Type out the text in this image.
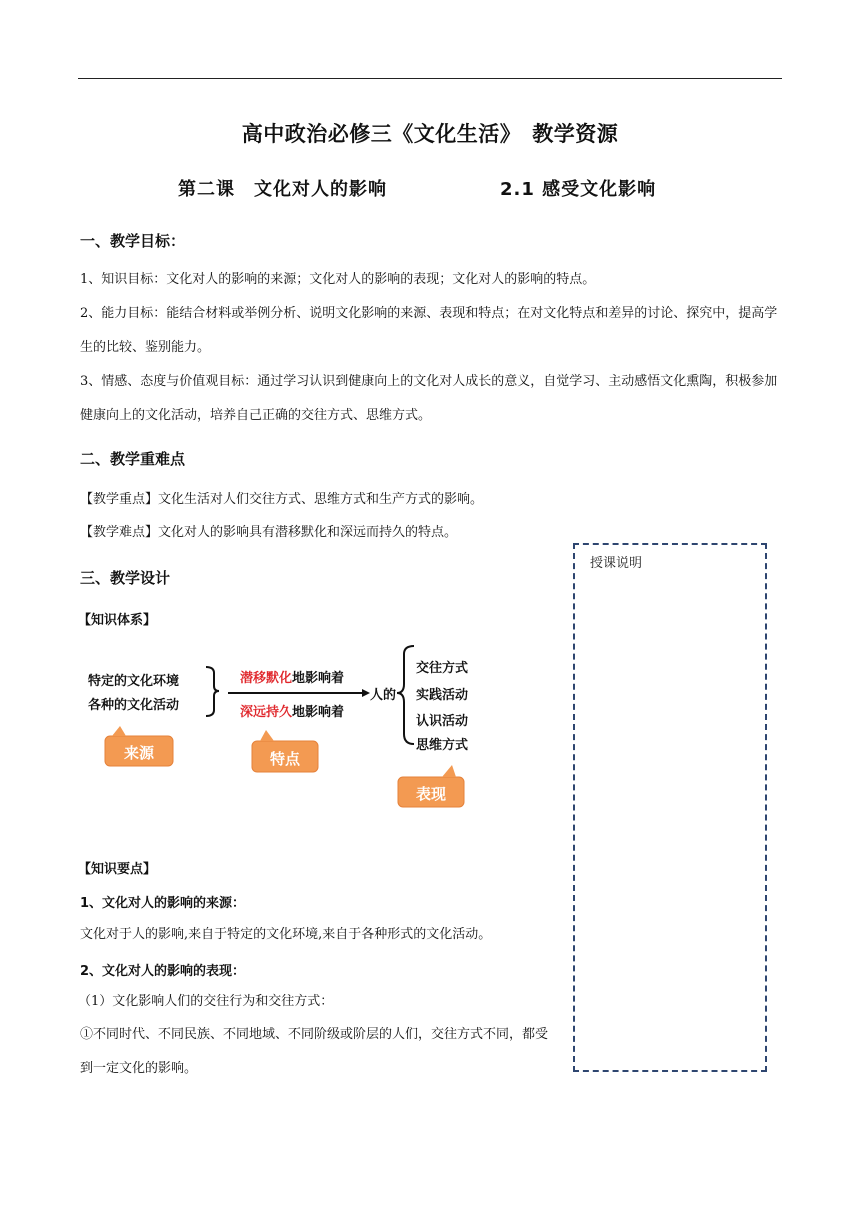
高中政治必修三《文化生活》　教学资源
第二课　文化对人的影响	2.1 感受文化影响
一、教学目标：
1、知识目标：文化对人的影响的来源；文化对人的影响的表现；文化对人的影响的特点。
2、能力目标：能结合材料或举例分析、说明文化影响的来源、表现和特点；在对文化特点和差异的讨论、探究中，提高学生的比较、鉴别能力。
3、情感、态度与价值观目标：通过学习认识到健康向上的文化对人成长的意义，自觉学习、主动感悟文化熏陶，积极参加健康向上的文化活动，培养自己正确的交往方式、思维方式。
二、教学重难点
【教学重点】文化生活对人们交往方式、思维方式和生产方式的影响。
【教学难点】文化对人的影响具有潜移默化和深远而持久的特点。
三、教学设计
【知识体系】
授课说明
特定的文化环境
各种的文化活动
潜移默化地影响着
深远持久地影响着
人的
交往方式
实践活动
认识活动
思维方式
来源	特点
表现
【知识要点】
1、文化对人的影响的来源：
文化对于人的影响,来自于特定的文化环境,来自于各种形式的文化活动。
2、文化对人的影响的表现：
（1）文化影响人们的交往行为和交往方式：
①不同时代、不同民族、不同地域、不同阶级或阶层的人们，交往方式不同，都受到一定文化的影响。
